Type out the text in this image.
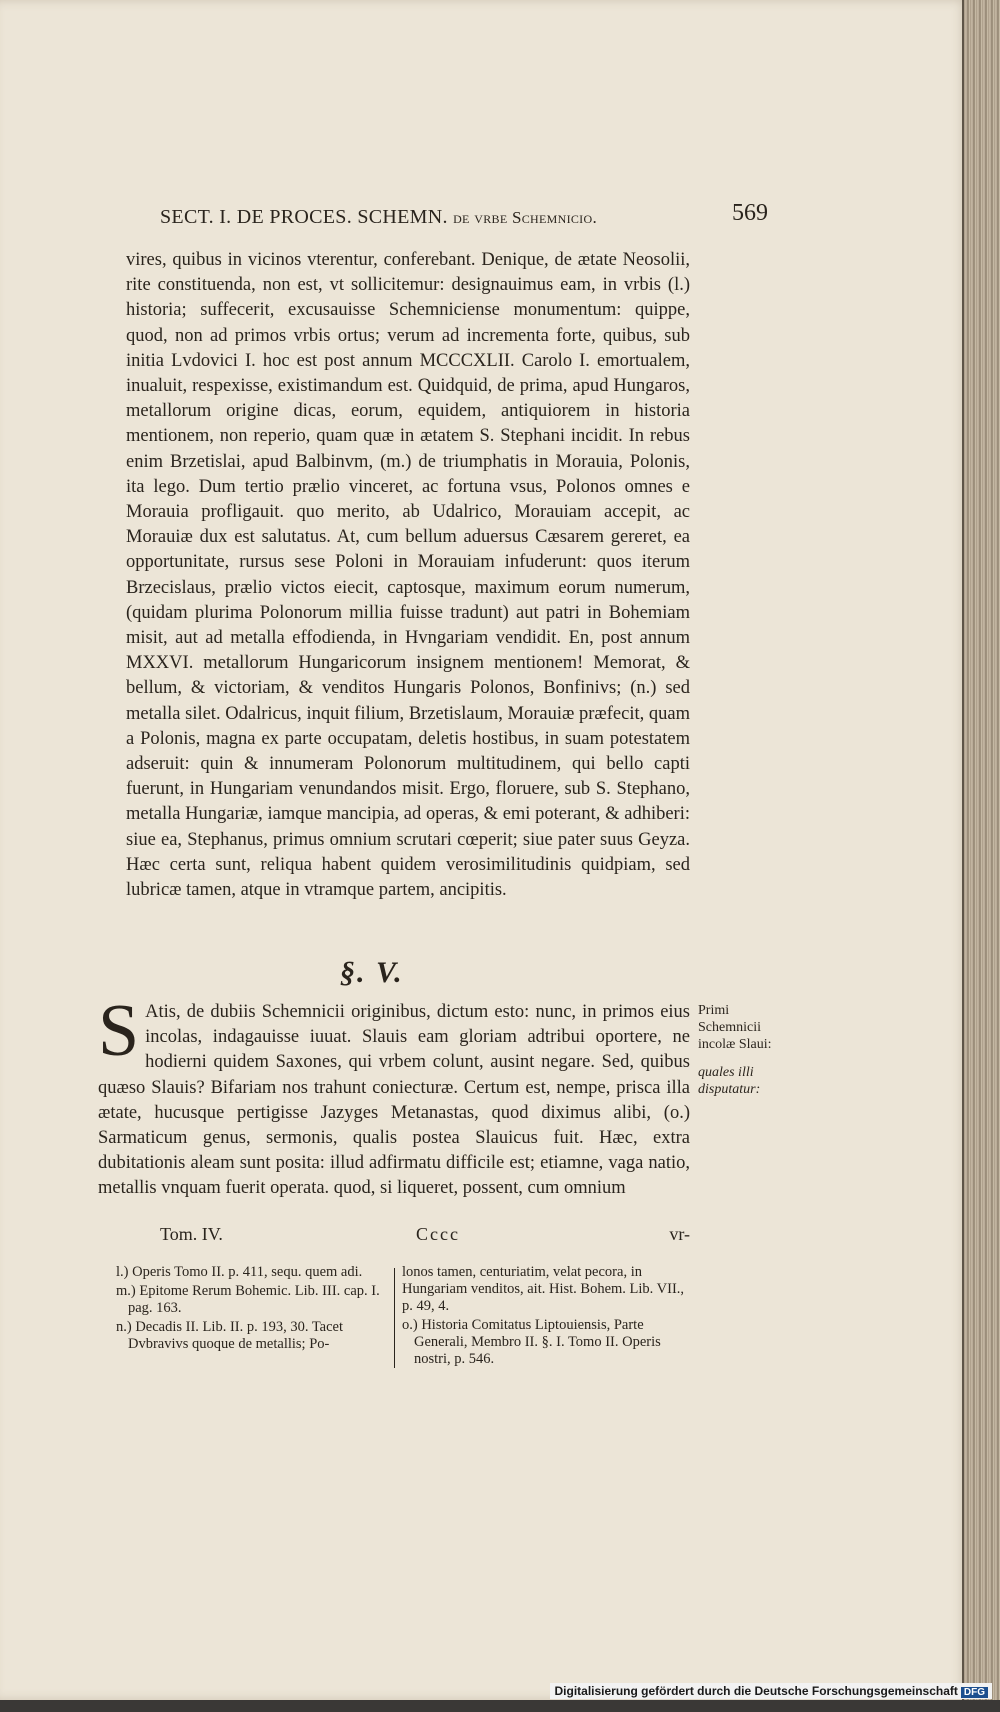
SECT. I. DE PROCES. SCHEMN. de vrbe Schemnicio.	569

vires, quibus in vicinos vterentur, conferebant. Denique, de ætate Neosolii, rite constituenda, non est, vt sollicitemur: designauimus eam, in vrbis (l.) historia; suffecerit, excusauisse Schemniciense monumentum: quippe, quod, non ad primos vrbis ortus; verum ad incrementa forte, quibus, sub initia Lvdovici I. hoc est post annum MCCCXLII. Carolo I. emortualem, inualuit, respexisse, existimandum est. Quidquid, de prima, apud Hungaros, metallorum origine dicas, eorum, equidem, antiquiorem in historia mentionem, non reperio, quam quæ in ætatem S. Stephani incidit. In rebus enim Brzetislai, apud Balbinvm, (m.) de triumphatis in Morauia, Polonis, ita lego. Dum tertio prælio vinceret, ac fortuna vsus, Polonos omnes e Morauia profligauit. quo merito, ab Udalrico, Morauiam accepit, ac Morauiæ dux est salutatus. At, cum bellum aduersus Cæsarem gereret, ea opportunitate, rursus sese Poloni in Morauiam infuderunt: quos iterum Brzecislaus, prælio victos eiecit, captosque, maximum eorum numerum, (quidam plurima Polonorum millia fuisse tradunt) aut patri in Bohemiam misit, aut ad metalla effodienda, in Hvngariam vendidit. En, post annum MXXVI. metallorum Hungaricorum insignem mentionem! Memorat, & bellum, & victoriam, & venditos Hungaris Polonos, Bonfinivs; (n.) sed metalla silet. Odalricus, inquit filium, Brzetislaum, Morauiæ præfecit, quam a Polonis, magna ex parte occupatam, deletis hostibus, in suam potestatem adseruit: quin & innumeram Polonorum multitudinem, qui bello capti fuerunt, in Hungariam venundandos misit. Ergo, floruere, sub S. Stephano, metalla Hungariæ, iamque mancipia, ad operas, & emi poterant, & adhiberi: siue ea, Stephanus, primus omnium scrutari cœperit; siue pater suus Geyza. Hæc certa sunt, reliqua habent quidem verosimilitudinis quidpiam, sed lubricæ tamen, atque in vtramque partem, ancipitis.

§. V.

S Atis, de dubiis Schemnicii originibus, dictum esto: nunc, in primos eius incolas, indagauisse iuuat. Slauis eam gloriam adtribui oportere, ne hodierni quidem Saxones, qui vrbem colunt, ausint negare. Sed, quibus quæso Slauis? Bifariam nos trahunt coniecturæ. Certum est, nempe, prisca illa ætate, hucusque pertigisse Jazyges Metanastas, quod diximus alibi, (o.) Sarmaticum genus, sermonis, qualis postea Slauicus fuit. Hæc, extra dubitationis aleam sunt posita: illud adfirmatu difficile est; etiamne, vaga natio, metallis vnquam fuerit operata. quod, si liqueret, possent, cum omnium

Primi Schemnicii incolæ Slaui:
quales illi disputatur:
Tom. IV.	Cccc	vr-

l.) Operis Tomo II. p. 411, sequ. quem adi.

m.) Epitome Rerum Bohemic. Lib. III. cap. I. pag. 163.

n.) Decadis II. Lib. II. p. 193, 30. Tacet Dvbravivs quoque de metallis; Po-

lonos tamen, centuriatim, velat pecora, in Hungariam venditos, ait. Hist. Bohem. Lib. VII., p. 49, 4.

o.) Historia Comitatus Liptouiensis, Parte Generali, Membro II. §. I. Tomo II. Operis nostri, p. 546.

Digitalisierung gefördert durch die Deutsche Forschungsgemeinschaft DFG
